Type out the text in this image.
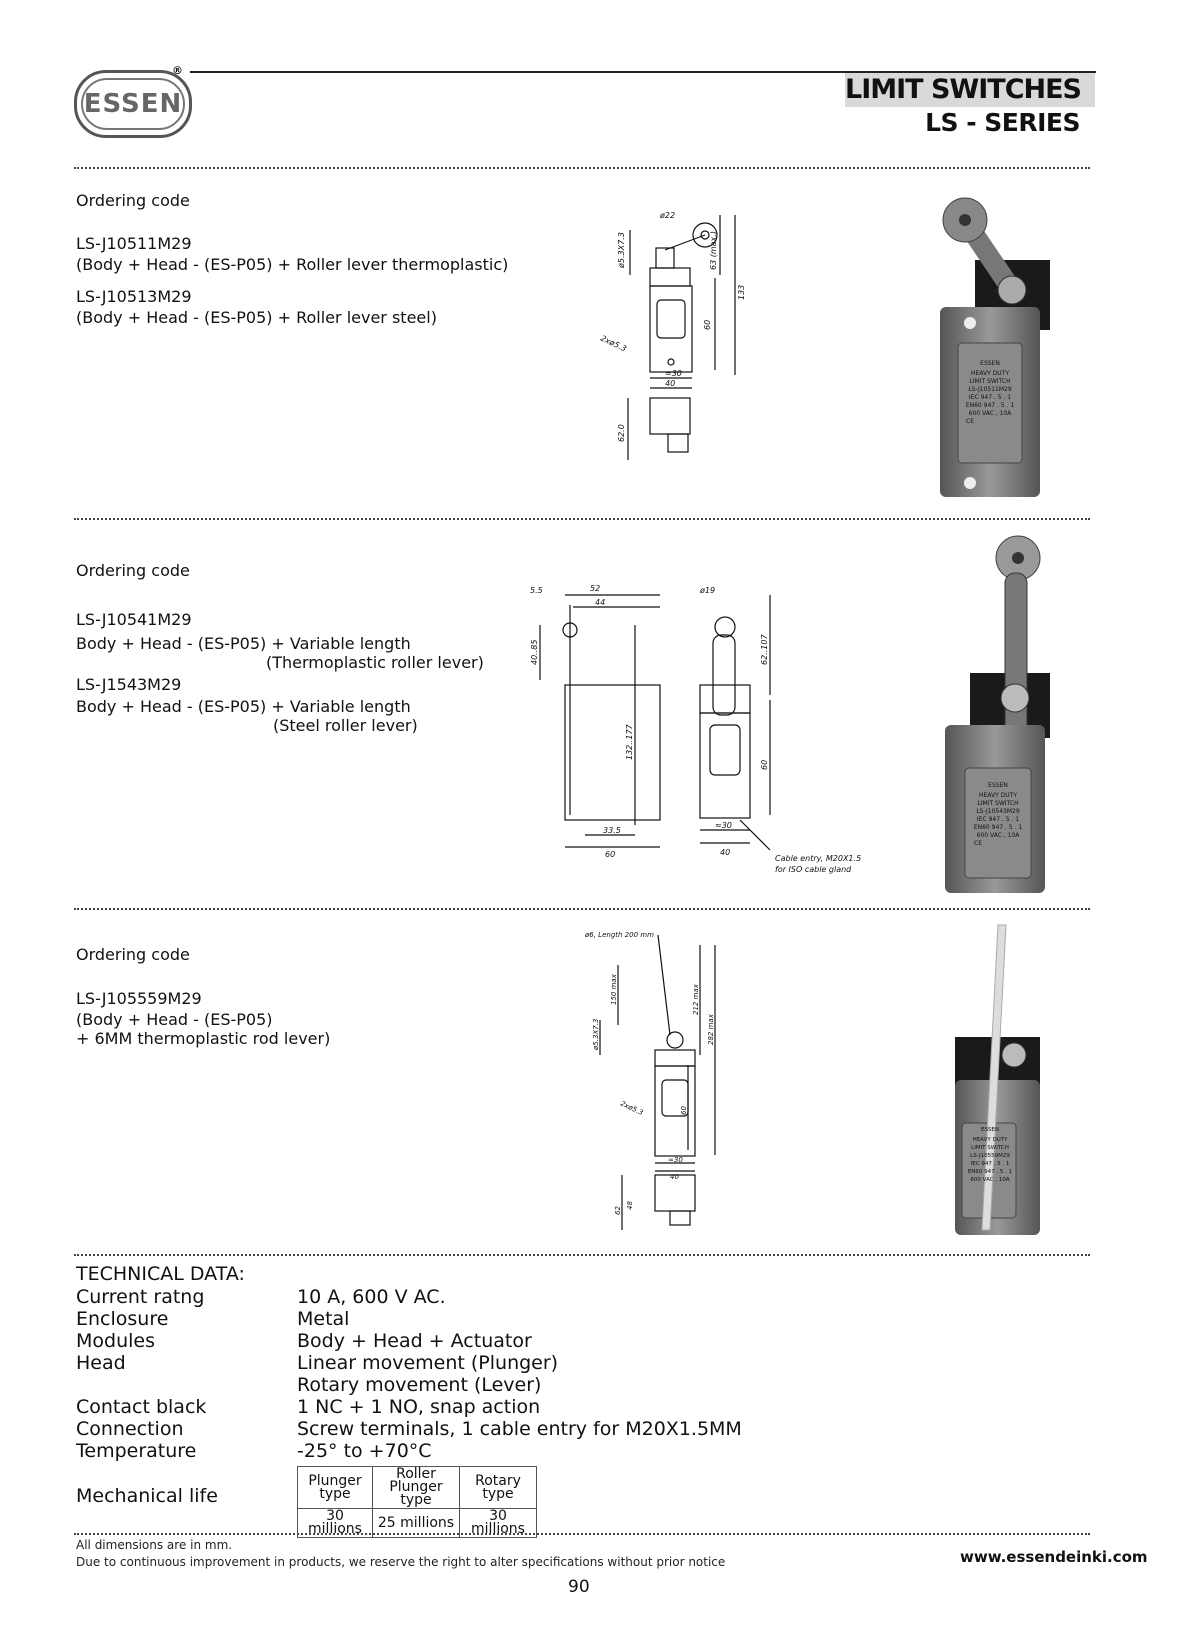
ESSEN
®
LIMIT SWITCHES
LS - SERIES
Ordering code
LS-J10511M29
(Body + Head - (ES-P05) + Roller lever thermoplastic)
LS-J10513M29
(Body + Head - (ES-P05) + Roller lever steel)
ø22
ø5.3X7.3	63 (max.)
133
60
2xø5.3
≈30
40
62.0
ESSEN
HEAVY DUTY
LIMIT SWITCH
LS-J10511M29
IEC 947 . 5 . 1
EN60 947 . 5 . 1
600 VAC , 10A
CE
Ordering code
LS-J10541M29
Body + Head - (ES-P05) + Variable length
(Thermoplastic roller lever)
LS-J1543M29
Body + Head - (ES-P05) + Variable length
(Steel roller lever)
5.5	52
44
40..85
132..177
33.5
60
ø19
62..107
60
≈30
40
Cable entry, M20X1.5
for ISO cable gland
ESSEN
HEAVY DUTY
LIMIT SWITCH
LS-J10543M29
IEC 947 . 5 . 1
EN60 947 . 5 . 1
600 VAC , 10A
CE
Ordering code
LS-J105559M29
(Body + Head - (ES-P05)
+ 6MM thermoplastic rod lever)
ø6, Length 200 mm
150 max
ø5.3X7.3
212 max
282 max
60
2xø5.3
≈30
40
62
48
ESSEN
HEAVY DUTY
LIMIT SWITCH
LS-J10559M29
IEC 947 . 5 . 1
EN60 947 . 5 . 1
600 VAC , 10A
TECHNICAL DATA:
Current ratng	10 A, 600 V AC.
Enclosure	Metal
Modules	Body + Head + Actuator
Head	Linear movement (Plunger)
Rotary movement (Lever)
Contact black	1 NC + 1 NO, snap action
Connection	Screw terminals, 1 cable entry for M20X1.5MM
Temperature	-25° to +70°C
Mechanical life
Plunger type	Roller Plunger type	Rotary type
30 millions	25 millions	30 millions
All dimensions are in mm.
Due to continuous improvement in products, we reserve the right to alter specifications without prior notice	www.essendeinki.com
90
